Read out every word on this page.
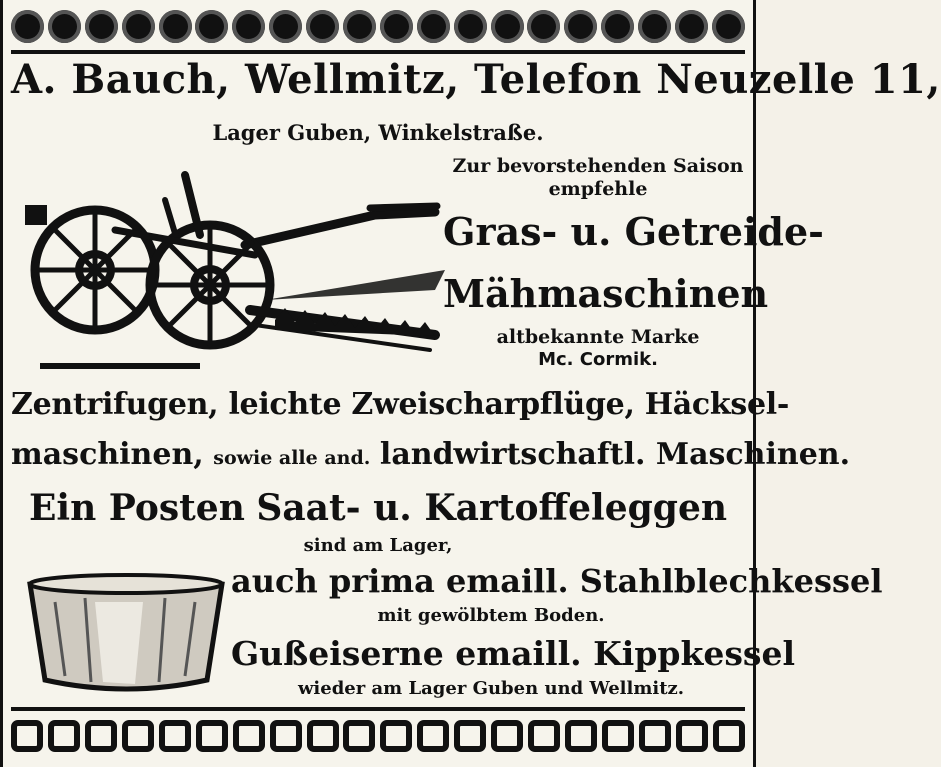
A. Bauch, Wellmitz, Telefon Neuzelle 11,
Lager Guben, Winkelstraße.
Zur bevorstehenden Saison
empfehle
Gras- u. Getreide-
Mähmaschinen
altbekannte Marke
Mc. Cormik.
Zentrifugen, leichte Zweischarpflüge, Häcksel-
maschinen, sowie alle and. landwirtschaftl. Maschinen.
Ein Posten Saat- u. Kartoffeleggen
sind am Lager,
auch prima emaill. Stahlblechkessel
mit gewölbtem Boden.
Gußeiserne emaill. Kippkessel
wieder am Lager Guben und Wellmitz.
